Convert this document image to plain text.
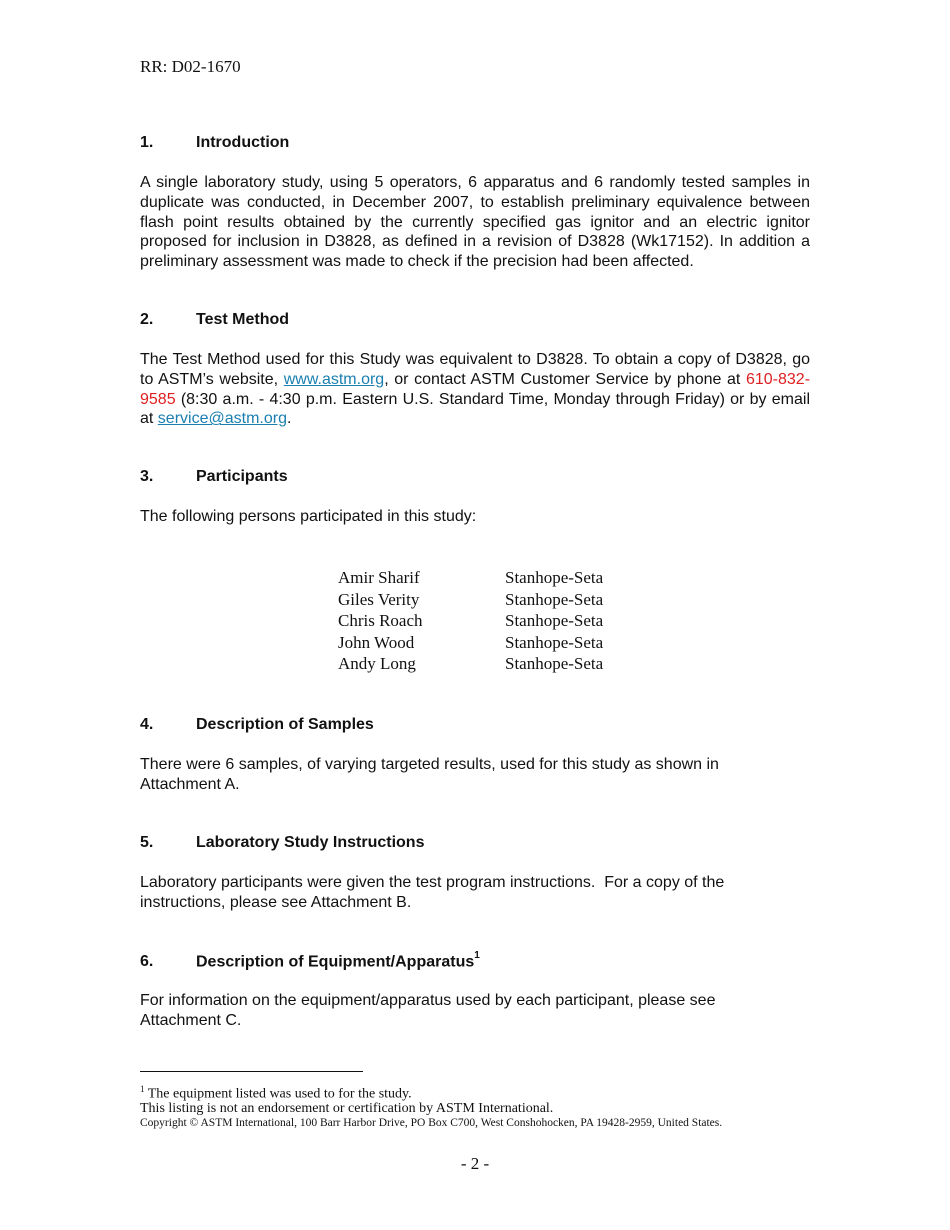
RR: D02-1670
1.	Introduction
A single laboratory study, using 5 operators, 6 apparatus and 6 randomly tested samples in duplicate was conducted, in December 2007, to establish preliminary equivalence between flash point results obtained by the currently specified gas ignitor and an electric ignitor proposed for inclusion in D3828, as defined in a revision of D3828 (Wk17152). In addition a preliminary assessment was made to check if the precision had been affected.
2.	Test Method
The Test Method used for this Study was equivalent to D3828. To obtain a copy of D3828, go to ASTM’s website, www.astm.org, or contact ASTM Customer Service by phone at 610-832-9585 (8:30 a.m. - 4:30 p.m. Eastern U.S. Standard Time, Monday through Friday) or by email at service@astm.org.
3.	Participants
The following persons participated in this study:
Amir Sharif	Stanhope-Seta
Giles Verity	Stanhope-Seta
Chris Roach	Stanhope-Seta
John Wood	Stanhope-Seta
Andy Long	Stanhope-Seta
4.	Description of Samples
There were 6 samples, of varying targeted results, used for this study as shown in Attachment A.
5.	Laboratory Study Instructions
Laboratory participants were given the test program instructions.  For a copy of the instructions, please see Attachment B.
6.	Description of Equipment/Apparatus$^1$
For information on the equipment/apparatus used by each participant, please see Attachment C.
$^1$ The equipment listed was used to for the study.
This listing is not an endorsement or certification by ASTM International.
Copyright © ASTM International, 100 Barr Harbor Drive, PO Box C700, West Conshohocken, PA 19428-2959, United States.
- 2 -
